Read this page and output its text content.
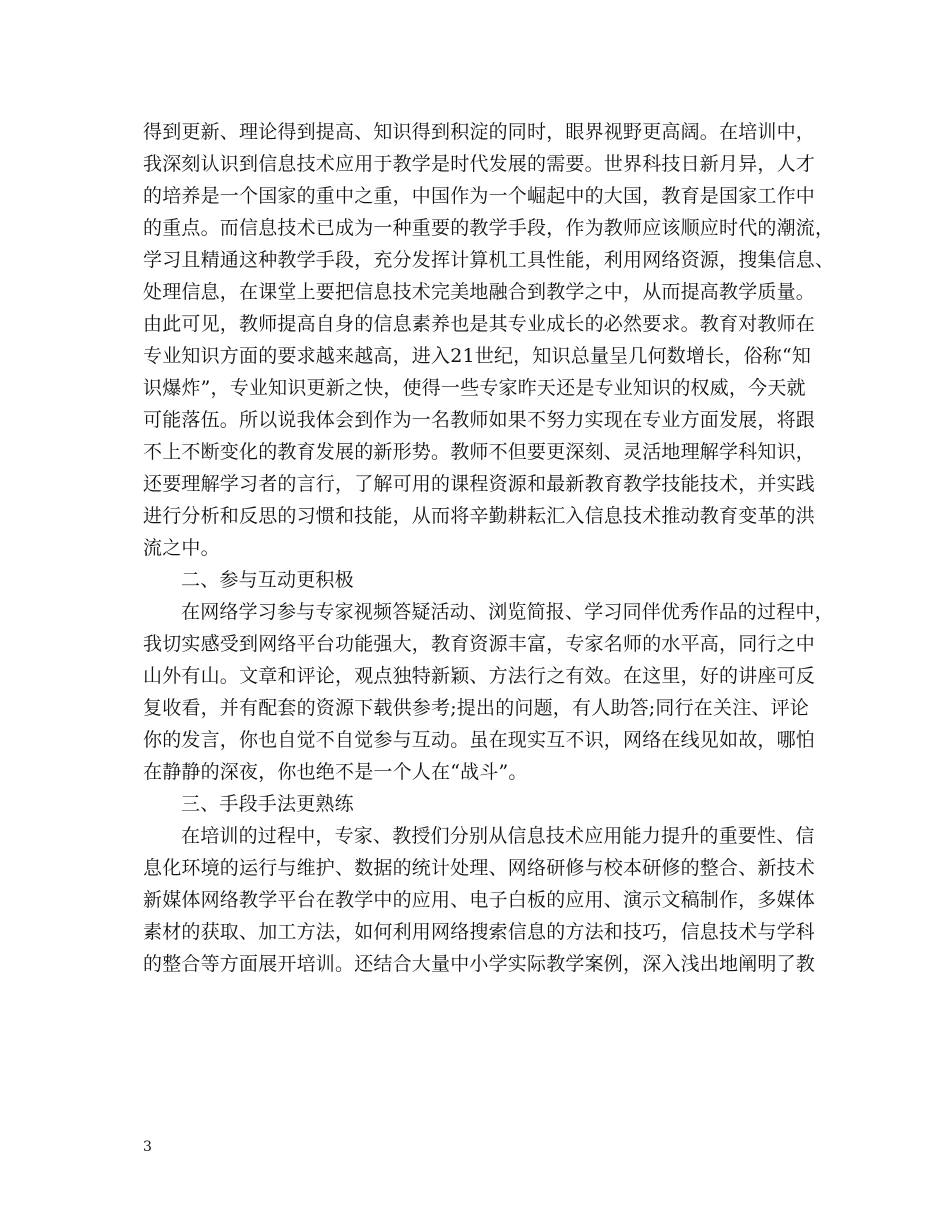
得到更新、理论得到提高、知识得到积淀的同时，眼界视野更高阔。在培训中，
我深刻认识到信息技术应用于教学是时代发展的需要。世界科技日新月异，人才
的培养是一个国家的重中之重，中国作为一个崛起中的大国，教育是国家工作中
的重点。而信息技术已成为一种重要的教学手段，作为教师应该顺应时代的潮流，
学习且精通这种教学手段，充分发挥计算机工具性能，利用网络资源，搜集信息、
处理信息，在课堂上要把信息技术完美地融合到教学之中，从而提高教学质量。
由此可见，教师提高自身的信息素养也是其专业成长的必然要求。教育对教师在
专业知识方面的要求越来越高，进入21世纪，知识总量呈几何数增长，俗称“知
识爆炸”，专业知识更新之快，使得一些专家昨天还是专业知识的权威，今天就
可能落伍。所以说我体会到作为一名教师如果不努力实现在专业方面发展，将跟
不上不断变化的教育发展的新形势。教师不但要更深刻、灵活地理解学科知识，
还要理解学习者的言行，了解可用的课程资源和最新教育教学技能技术，并实践
进行分析和反思的习惯和技能，从而将辛勤耕耘汇入信息技术推动教育变革的洪
流之中。
二、参与互动更积极
在网络学习参与专家视频答疑活动、浏览简报、学习同伴优秀作品的过程中，
我切实感受到网络平台功能强大，教育资源丰富，专家名师的水平高，同行之中
山外有山。文章和评论，观点独特新颖、方法行之有效。在这里，好的讲座可反
复收看，并有配套的资源下载供参考;提出的问题，有人助答;同行在关注、评论
你的发言，你也自觉不自觉参与互动。虽在现实互不识，网络在线见如故，哪怕
在静静的深夜，你也绝不是一个人在“战斗”。
三、手段手法更熟练
在培训的过程中，专家、教授们分别从信息技术应用能力提升的重要性、信
息化环境的运行与维护、数据的统计处理、网络研修与校本研修的整合、新技术
新媒体网络教学平台在教学中的应用、电子白板的应用、演示文稿制作，多媒体
素材的获取、加工方法，如何利用网络搜索信息的方法和技巧，信息技术与学科
的整合等方面展开培训。还结合大量中小学实际教学案例，深入浅出地阐明了教
3
